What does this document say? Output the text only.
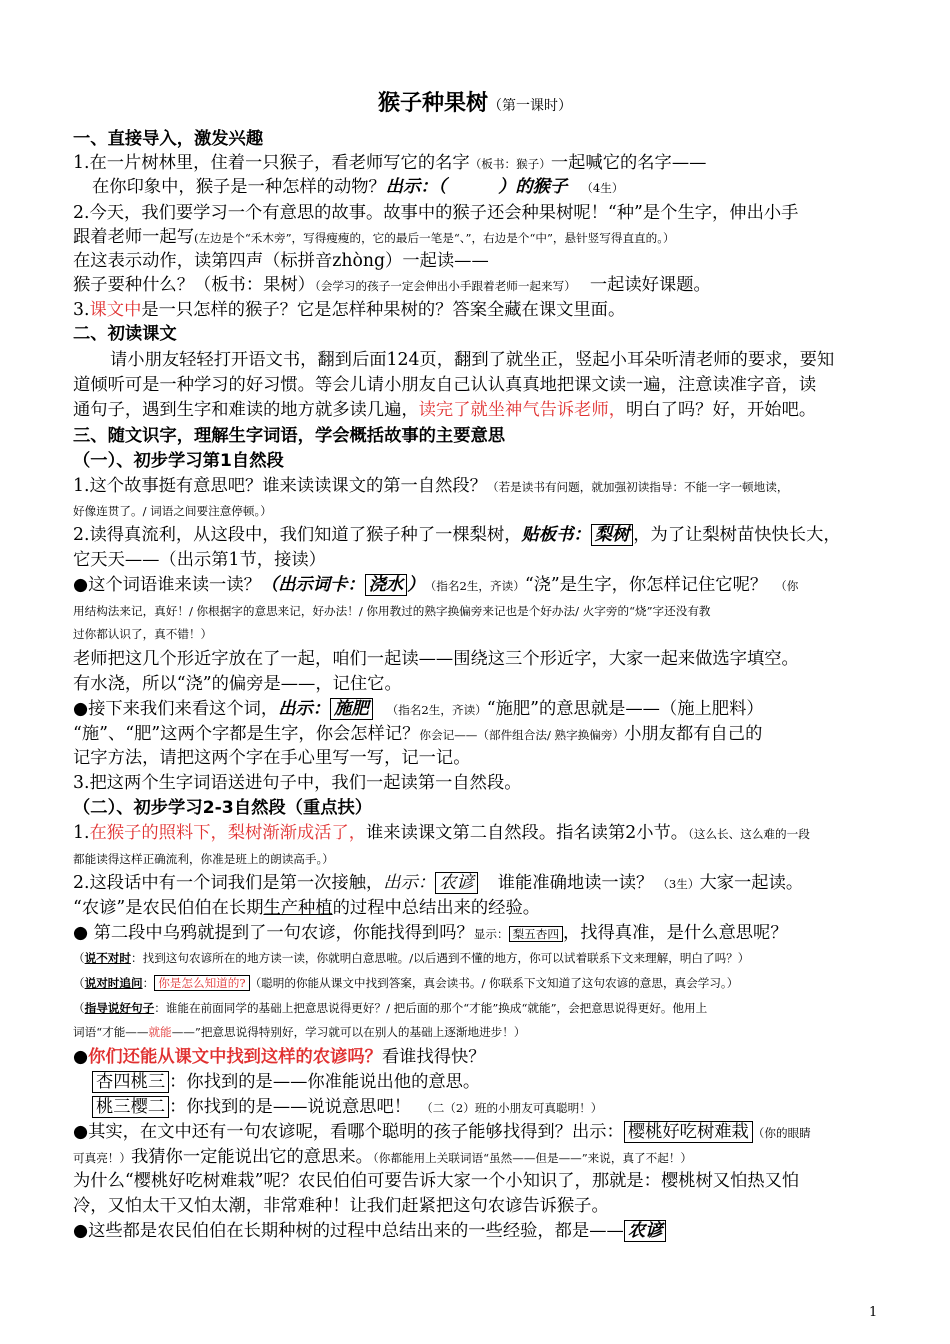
猴子种果树（第一课时）
一、直接导入，激发兴趣
1.在一片树林里，住着一只猴子，看老师写它的名字（板书：猴子）一起喊它的名字——
在你印象中，猴子是一种怎样的动物？出示：（　　　）的猴子 （4生）
2.今天，我们要学习一个有意思的故事。故事中的猴子还会种果树呢！“种”是个生字，伸出小手
跟着老师一起写(左边是个“禾木旁”，写得瘦瘦的，它的最后一笔是“、”，右边是个“中”，悬针竖写得直直的。）
在这表示动作，读第四声（标拼音zhòng）一起读——
猴子要种什么？（板书：果树）（会学习的孩子一定会伸出小手跟着老师一起来写） 一起读好课题。
3.课文中是一只怎样的猴子？它是怎样种果树的？答案全藏在课文里面。
二、初读课文
请小朋友轻轻打开语文书，翻到后面124页，翻到了就坐正，竖起小耳朵听清老师的要求，要知
道倾听可是一种学习的好习惯。等会儿请小朋友自己认认真真地把课文读一遍，注意读准字音，读
通句子，遇到生字和难读的地方就多读几遍，读完了就坐神气告诉老师，明白了吗？好，开始吧。
三、随文识字，理解生字词语，学会概括故事的主要意思
（一）、初步学习第1自然段
1.这个故事挺有意思吧？谁来读读课文的第一自然段？（若是读书有问题，就加强初读指导：不能一字一顿地读，
好像连贯了。/ 词语之间要注意停顿。）
2.读得真流利，从这段中，我们知道了猴子种了一棵梨树，贴板书： 梨树 ，为了让梨树苗快快长大，
它天天——（出示第1节，接读）
●这个词语谁来读一读？（出示词卡： 浇水 ） （指名2生，齐读）“浇”是生字，你怎样记住它呢？ （你
用结构法来记，真好！/ 你根据字的意思来记，好办法！/ 你用教过的熟字换偏旁来记也是个好办法/ 火字旁的“烧”字还没有教
过你都认识了，真不错！）
老师把这几个形近字放在了一起，咱们一起读——围绕这三个形近字，大家一起来做选字填空。
有水浇，所以“浇”的偏旁是——，记住它。
●接下来我们来看这个词，出示： 施肥 （指名2生，齐读）“施肥”的意思就是——（施上肥料）
“施”、“肥”这两个字都是生字，你会怎样记？你会记——（部件组合法/ 熟字换偏旁）小朋友都有自己的
记字方法，请把这两个字在手心里写一写，记一记。
3.把这两个生字词语送进句子中，我们一起读第一自然段。
（二）、初步学习2-3自然段（重点扶）
1.在猴子的照料下，梨树渐渐成活了，谁来读课文第二自然段。指名读第2小节。（这么长、这么难的一段
都能读得这样正确流利，你准是班上的朗读高手。）
2.这段话中有一个词我们是第一次接触，出示： 农谚 谁能准确地读一读？ （3生）大家一起读。
“农谚”是农民伯伯在长期生产种植的过程中总结出来的经验。
● 第二段中乌鸦就提到了一句农谚，你能找得到吗？显示： 梨五杏四 ，找得真准，是什么意思呢？
（说不对时：找到这句农谚所在的地方读一读，你就明白意思啦。/以后遇到不懂的地方，你可以试着联系下文来理解，明白了吗？）
（说对时追问： 你是怎么知道的? （聪明的你能从课文中找到答案，真会读书。/ 你联系下文知道了这句农谚的意思，真会学习。）
（指导说好句子：谁能在前面同学的基础上把意思说得更好？/ 把后面的那个“才能”换成“就能”，会把意思说得更好。他用上
词语“才能——就能——”把意思说得特别好，学习就可以在别人的基础上逐渐地进步！）
●你们还能从课文中找到这样的农谚吗？看谁找得快？
杏四桃三 ：你找到的是——你准能说出他的意思。
桃三樱二 ：你找到的是——说说意思吧！ （二（2）班的小朋友可真聪明！）
●其实，在文中还有一句农谚呢，看哪个聪明的孩子能够找得到？出示： 樱桃好吃树难栽 （你的眼睛
可真亮！）我猜你一定能说出它的意思来。（你都能用上关联词语“虽然——但是——”来说，真了不起！）
为什么“樱桃好吃树难栽”呢？农民伯伯可要告诉大家一个小知识了，那就是：樱桃树又怕热又怕
冷，又怕太干又怕太潮，非常难种！让我们赶紧把这句农谚告诉猴子。
●这些都是农民伯伯在长期种树的过程中总结出来的一些经验，都是—— 农谚
1
